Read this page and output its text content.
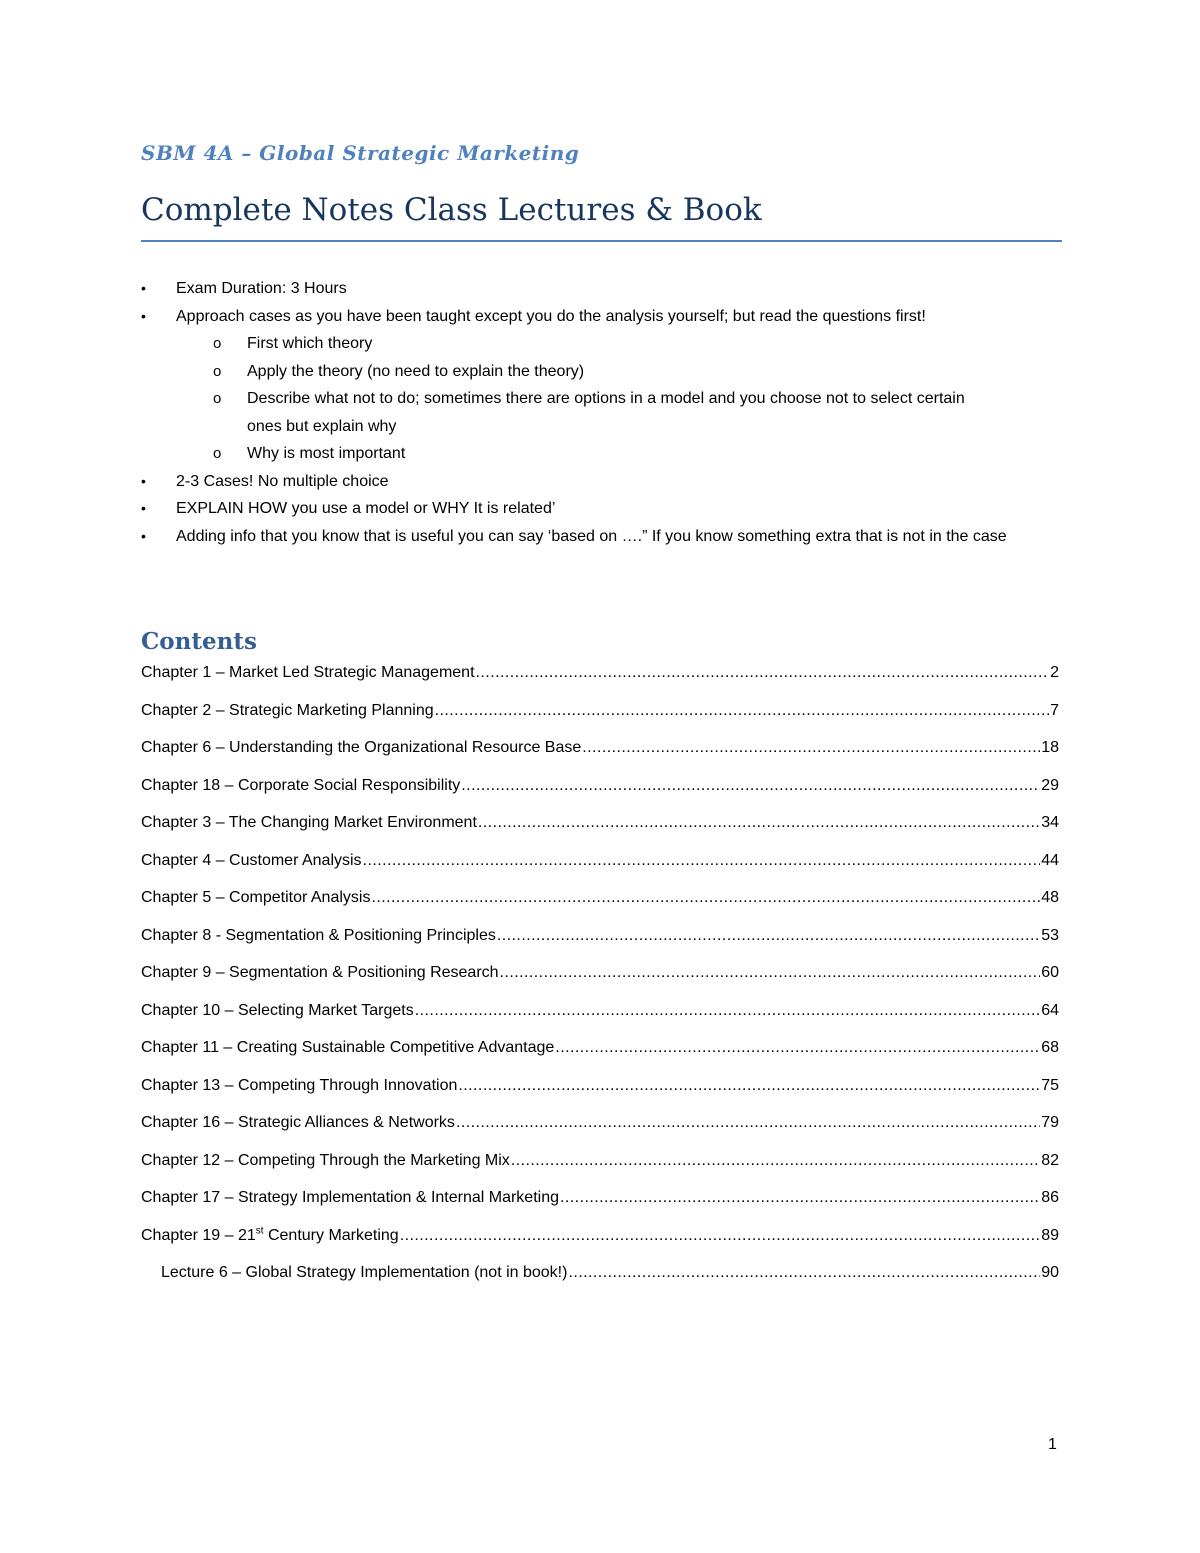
SBM 4A – Global Strategic Marketing
Complete Notes Class Lectures & Book
•	Exam Duration: 3 Hours
•	Approach cases as you have been taught except you do the analysis yourself; but read the questions first!
o First which theory
o Apply the theory (no need to explain the theory)
o Describe what not to do; sometimes there are options in a model and you choose not to select certain ones but explain why
o Why is most important
•	2-3 Cases! No multiple choice
•	EXPLAIN HOW you use a model or WHY It is related’
•	Adding info that you know that is useful you can say ‘based on ….” If you know something extra that is not in the case
Contents
Chapter 1 – Market Led Strategic Management . . .	2
Chapter 2 – Strategic Marketing Planning . . .	7
Chapter 6 – Understanding the Organizational Resource Base . . .	18
Chapter 18 – Corporate Social Responsibility . . .	29
Chapter 3 – The Changing Market Environment . . .	34
Chapter 4 – Customer Analysis . . .	44
Chapter 5 – Competitor Analysis . . .	48
Chapter 8 - Segmentation & Positioning Principles . . .	53
Chapter 9 – Segmentation & Positioning Research . . .	60
Chapter 10 – Selecting Market Targets . . .	64
Chapter 11 – Creating Sustainable Competitive Advantage . . .	68
Chapter 13 – Competing Through Innovation . . .	75
Chapter 16 – Strategic Alliances & Networks . . .	79
Chapter 12 – Competing Through the Marketing Mix . . .	82
Chapter 17 – Strategy Implementation & Internal Marketing . . .	86
Chapter 19 – 21st Century Marketing . . .	89
Lecture 6 – Global Strategy Implementation (not in book!) . . .	90
1
